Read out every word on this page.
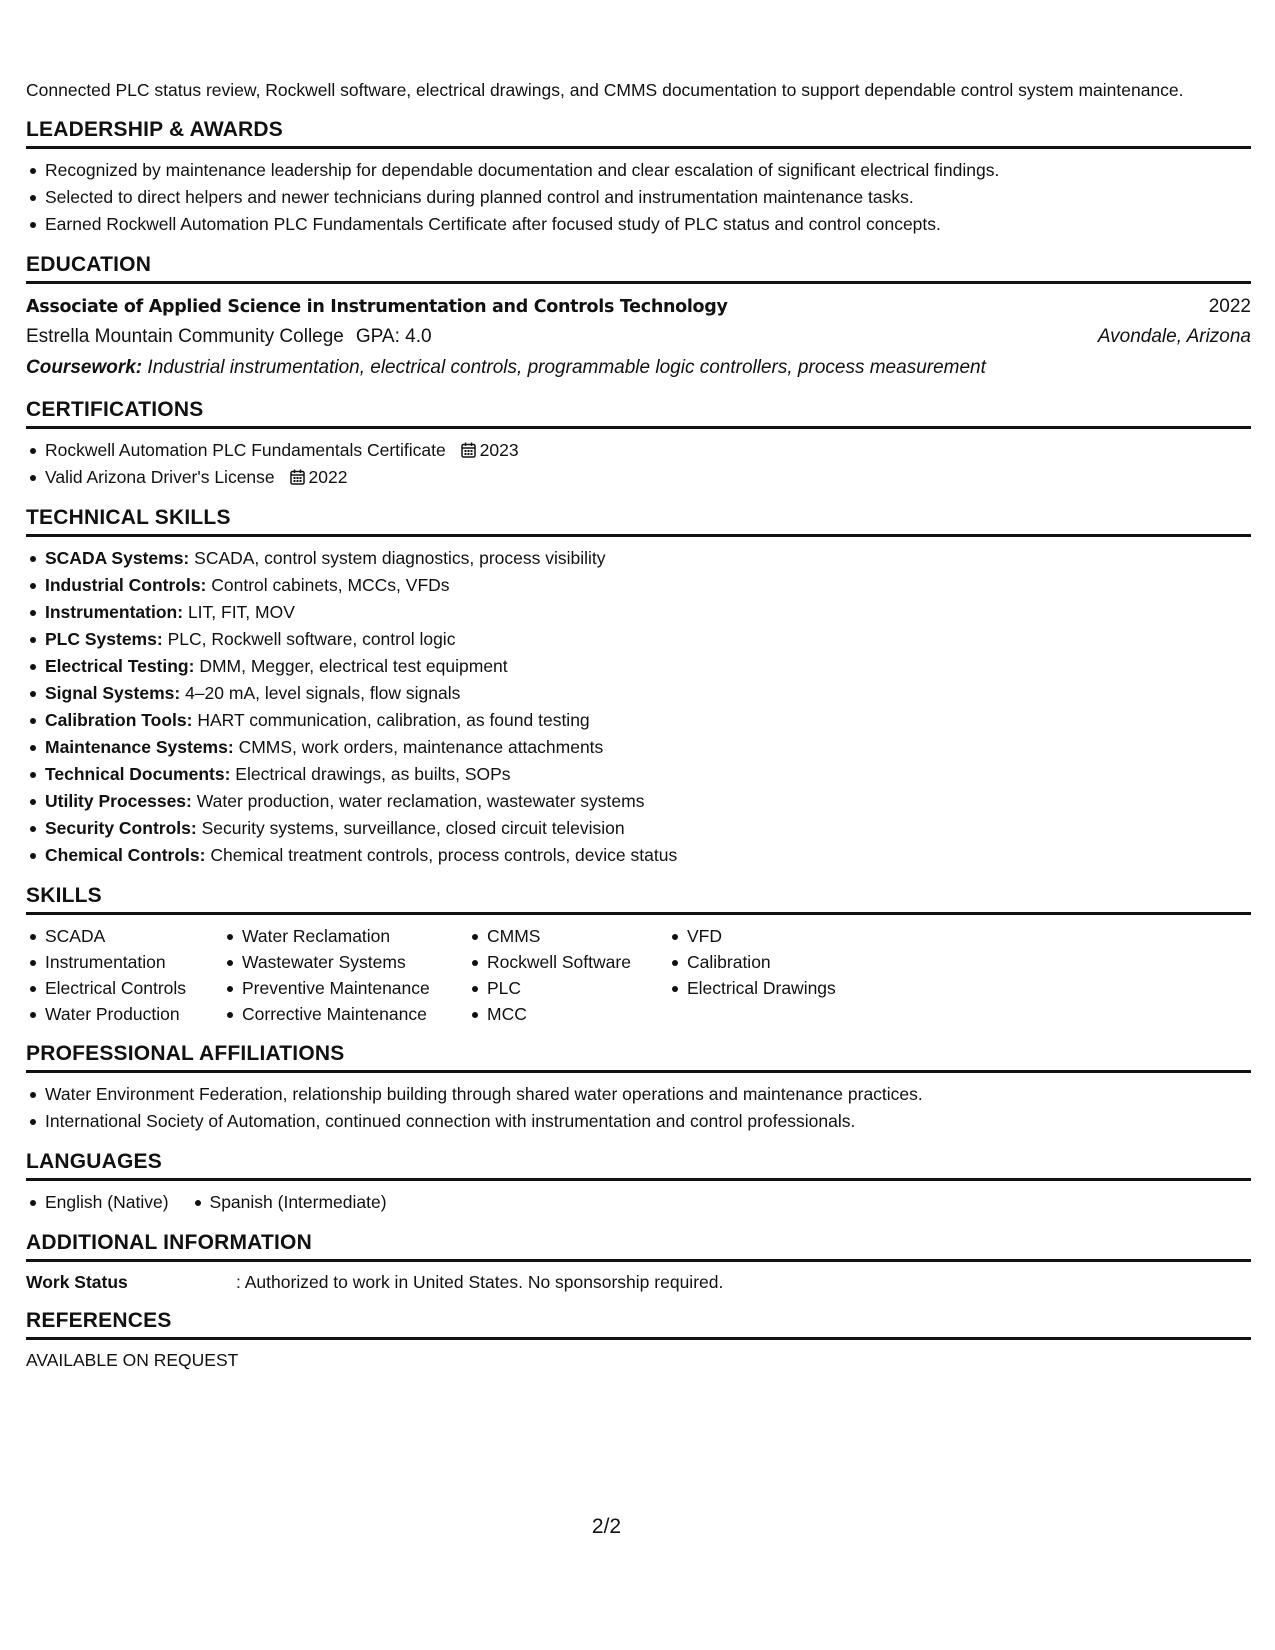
Connected PLC status review, Rockwell software, electrical drawings, and CMMS documentation to support dependable control system maintenance.

LEADERSHIP & AWARDS
Recognized by maintenance leadership for dependable documentation and clear escalation of significant electrical findings.
Selected to direct helpers and newer technicians during planned control and instrumentation maintenance tasks.
Earned Rockwell Automation PLC Fundamentals Certificate after focused study of PLC status and control concepts.
EDUCATION
Associate of Applied Science in Instrumentation and Controls Technology	2022
Estrella Mountain Community College GPA: 4.0	Avondale, Arizona
Coursework: Industrial instrumentation, electrical controls, programmable logic controllers, process measurement
CERTIFICATIONS
Rockwell Automation PLC Fundamentals Certificate 2023
Valid Arizona Driver's License 2022
TECHNICAL SKILLS
SCADA Systems: SCADA, control system diagnostics, process visibility
Industrial Controls: Control cabinets, MCCs, VFDs
Instrumentation: LIT, FIT, MOV
PLC Systems: PLC, Rockwell software, control logic
Electrical Testing: DMM, Megger, electrical test equipment
Signal Systems: 4–20 mA, level signals, flow signals
Calibration Tools: HART communication, calibration, as found testing
Maintenance Systems: CMMS, work orders, maintenance attachments
Technical Documents: Electrical drawings, as builts, SOPs
Utility Processes: Water production, water reclamation, wastewater systems
Security Controls: Security systems, surveillance, closed circuit television
Chemical Controls: Chemical treatment controls, process controls, device status
SKILLS
SCADA
Instrumentation
Electrical Controls
Water Production
Water Reclamation
Wastewater Systems
Preventive Maintenance
Corrective Maintenance
CMMS
Rockwell Software
PLC
MCC
VFD
Calibration
Electrical Drawings
PROFESSIONAL AFFILIATIONS
Water Environment Federation, relationship building through shared water operations and maintenance practices.
International Society of Automation, continued connection with instrumentation and control professionals.
LANGUAGES
English (Native)	Spanish (Intermediate)
ADDITIONAL INFORMATION
Work Status	: Authorized to work in United States. No sponsorship required.
REFERENCES
AVAILABLE ON REQUEST
2/2
